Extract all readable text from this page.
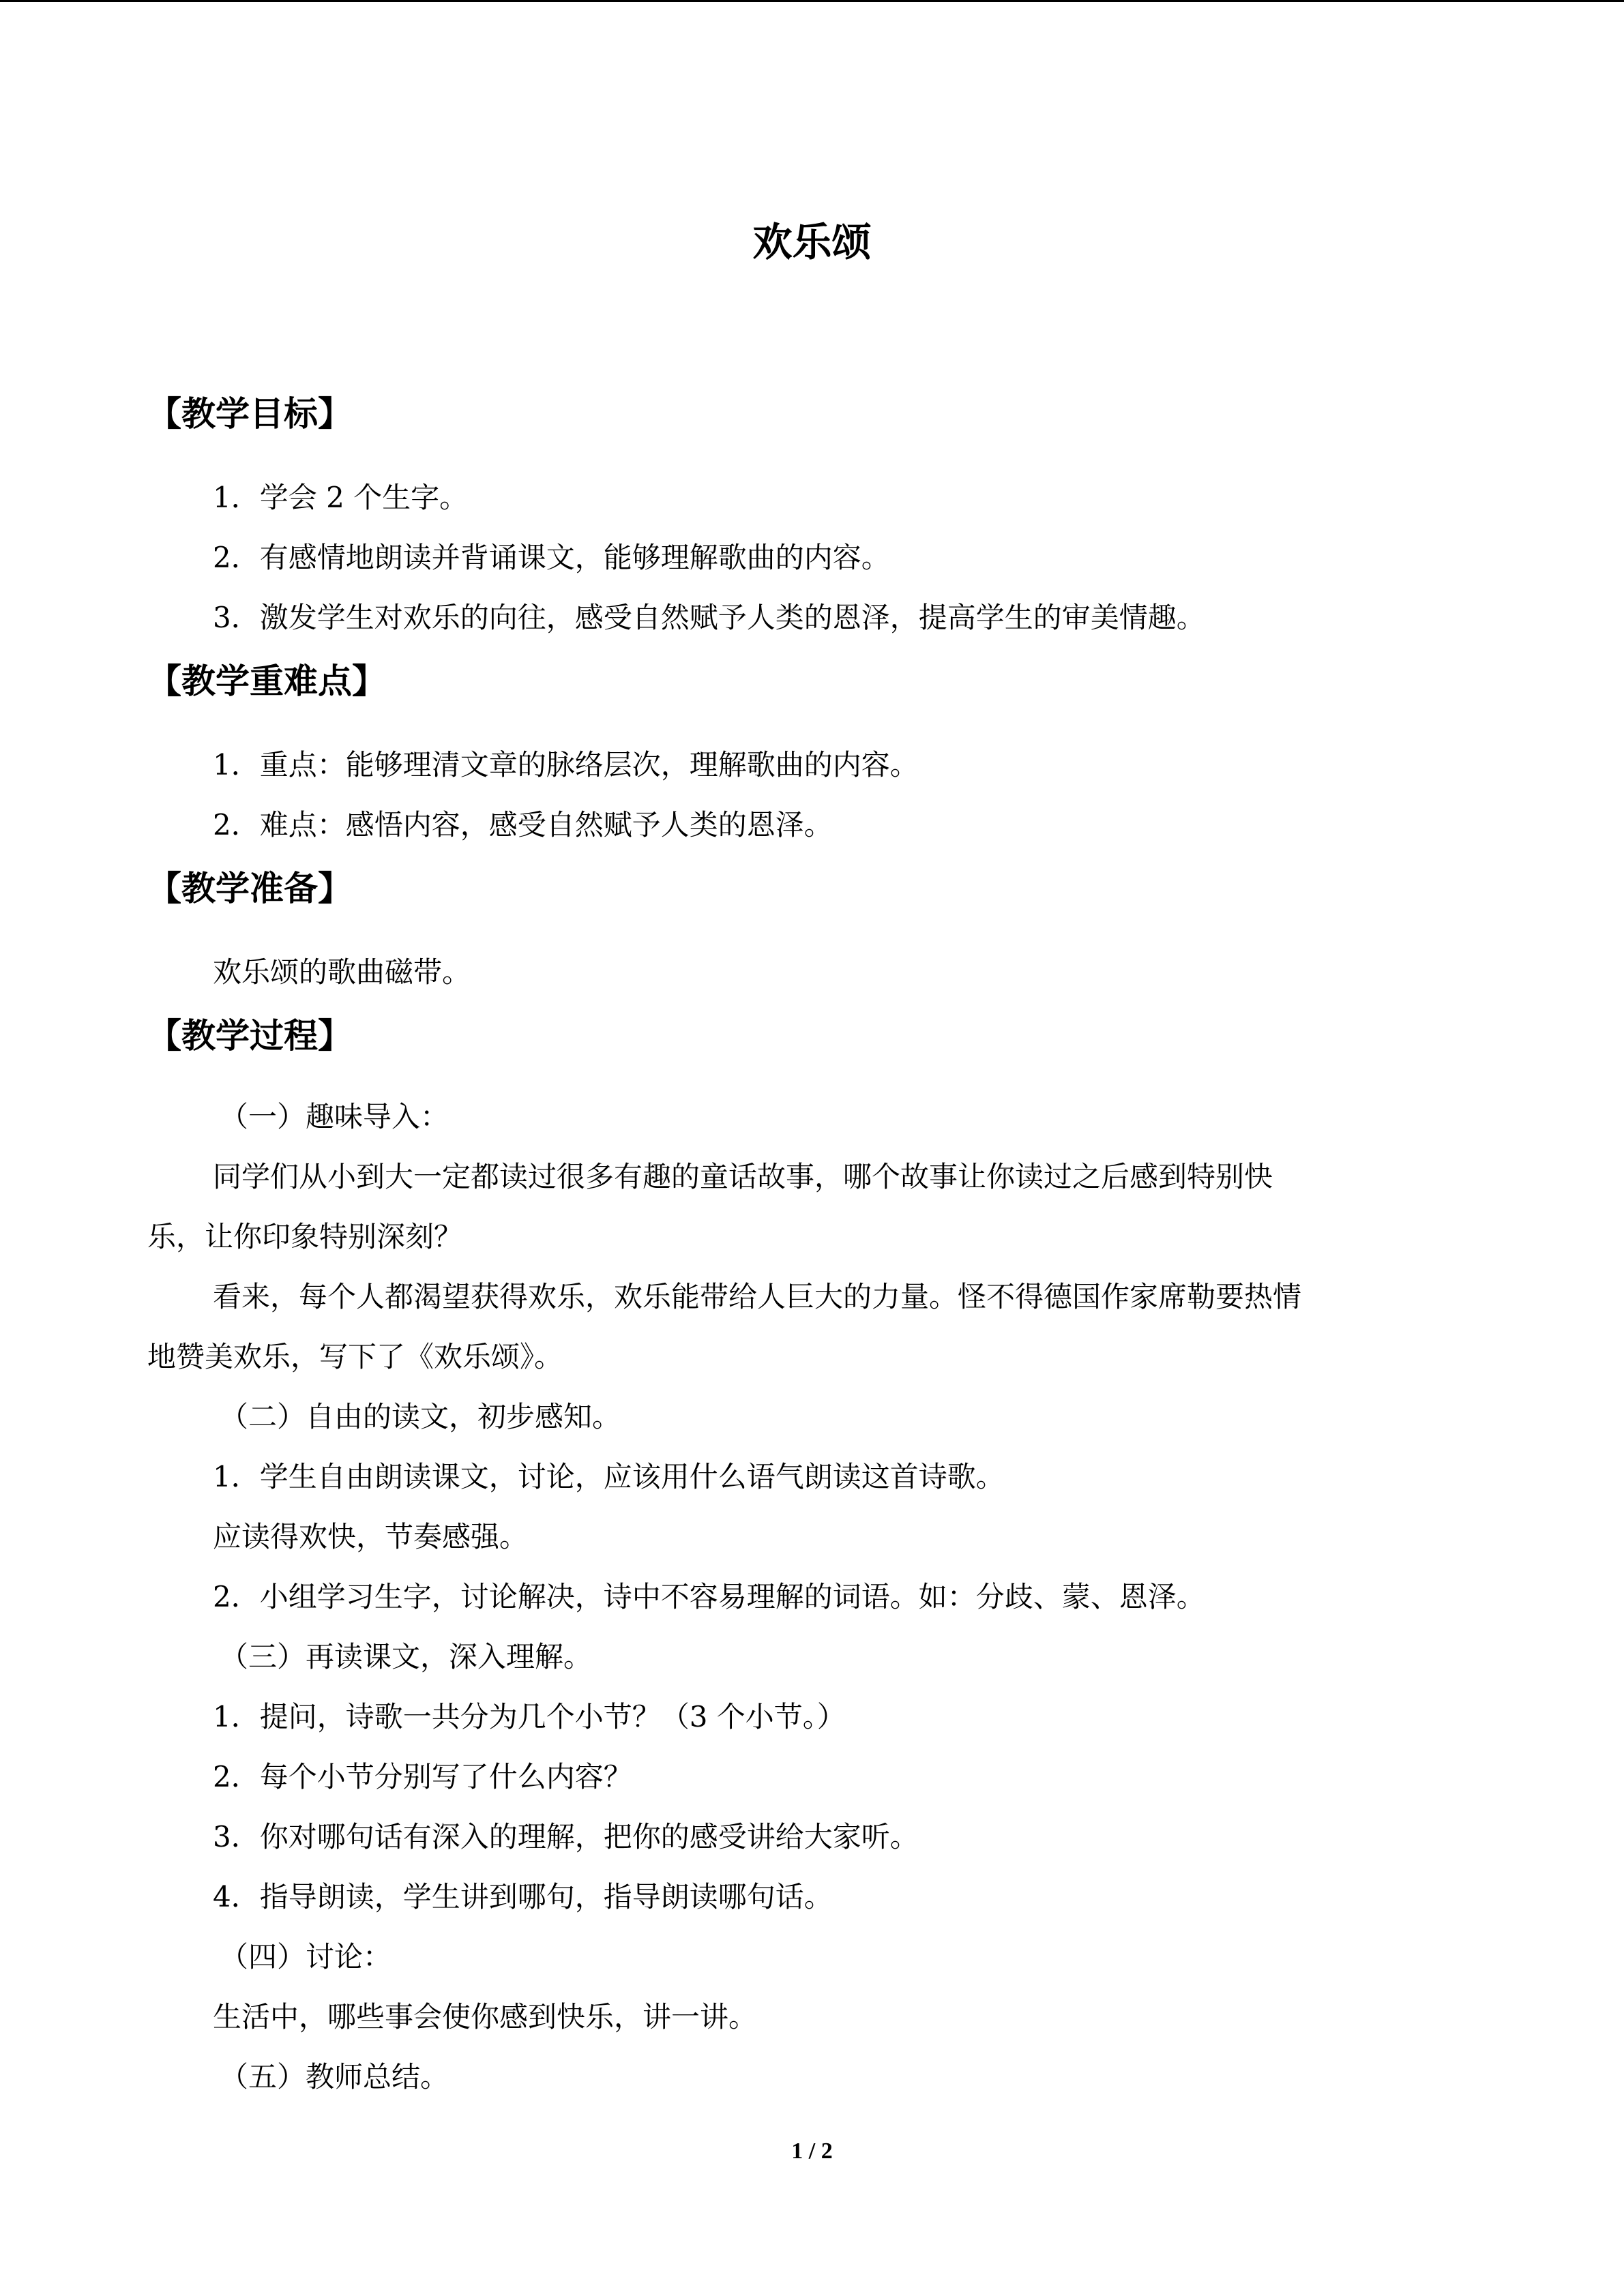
欢乐颂
【教学目标】
1．学会 2 个生字。
2．有感情地朗读并背诵课文，能够理解歌曲的内容。
3．激发学生对欢乐的向往，感受自然赋予人类的恩泽，提高学生的审美情趣。
【教学重难点】
1．重点：能够理清文章的脉络层次，理解歌曲的内容。
2．难点：感悟内容，感受自然赋予人类的恩泽。
【教学准备】
欢乐颂的歌曲磁带。
【教学过程】
（一）趣味导入：
同学们从小到大一定都读过很多有趣的童话故事，哪个故事让你读过之后感到特别快
乐，让你印象特别深刻？
看来，每个人都渴望获得欢乐，欢乐能带给人巨大的力量。怪不得德国作家席勒要热情
地赞美欢乐，写下了《欢乐颂》。
（二）自由的读文，初步感知。
1．学生自由朗读课文，讨论，应该用什么语气朗读这首诗歌。
应读得欢快，节奏感强。
2．小组学习生字，讨论解决，诗中不容易理解的词语。如：分歧、蒙、恩泽。
（三）再读课文，深入理解。
1．提问，诗歌一共分为几个小节？（3 个小节。）
2．每个小节分别写了什么内容？
3．你对哪句话有深入的理解，把你的感受讲给大家听。
4．指导朗读，学生讲到哪句，指导朗读哪句话。
（四）讨论：
生活中，哪些事会使你感到快乐，讲一讲。
（五）教师总结。
1 / 2
